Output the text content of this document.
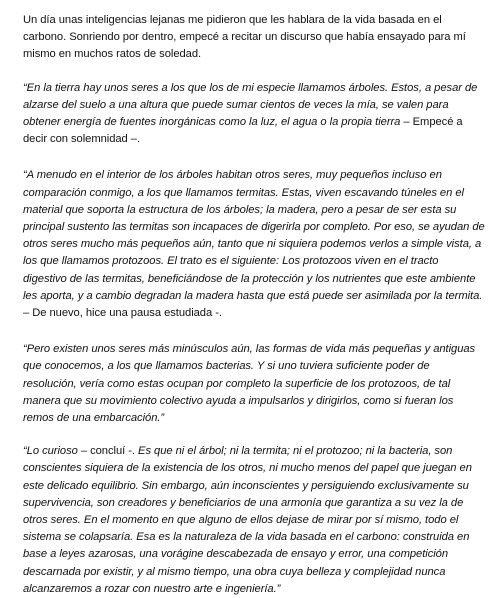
Un día unas inteligencias lejanas me pidieron que les hablara de la vida basada en el carbono. Sonriendo por dentro, empecé a recitar un discurso que había ensayado para mí mismo en muchos ratos de soledad.

“En la tierra hay unos seres a los que los de mi especie llamamos árboles. Estos, a pesar de alzarse del suelo a una altura que puede sumar cientos de veces la mía, se valen para obtener energía de fuentes inorgánicas como la luz, el agua o la propia tierra – Empecé a decir con solemnidad –.

“A menudo en el interior de los árboles habitan otros seres, muy pequeños incluso en comparación conmigo, a los que llamamos termitas. Estas, viven escavando túneles en el material que soporta la estructura de los árboles; la madera, pero a pesar de ser esta su principal sustento las termitas son incapaces de digerirla por completo. Por eso, se ayudan de otros seres mucho más pequeños aún, tanto que ni siquiera podemos verlos a simple vista, a los que llamamos protozoos. El trato es el siguiente: Los protozoos viven en el tracto digestivo de las termitas, beneficiándose de la protección y los nutrientes que este ambiente les aporta, y a cambio degradan la madera hasta que está puede ser asimilada por la termita. – De nuevo, hice una pausa estudiada -.

“Pero existen unos seres más minúsculos aún, las formas de vida más pequeñas y antiguas que conocemos, a los que llamamos bacterias. Y si uno tuviera suficiente poder de resolución, vería como estas ocupan por completo la superficie de los protozoos, de tal manera que su movimiento colectivo ayuda a impulsarlos y dirigirlos, como si fueran los remos de una embarcación.”

“Lo curioso – concluí -. Es que ni el árbol; ni la termita; ni el protozoo; ni la bacteria, son conscientes siquiera de la existencia de los otros, ni mucho menos del papel que juegan en este delicado equilibrio. Sin embargo, aún inconscientes y persiguiendo exclusivamente su supervivencia, son creadores y beneficiarios de una armonía que garantiza a su vez la de otros seres. En el momento en que alguno de ellos dejase de mirar por sí mismo, todo el sistema se colapsaría. Esa es la naturaleza de la vida basada en el carbono: construida en base a leyes azarosas, una vorágine descabezada de ensayo y error, una competición descarnada por existir, y al mismo tiempo, una obra cuya belleza y complejidad nunca alcanzaremos a rozar con nuestro arte e ingeniería.”
